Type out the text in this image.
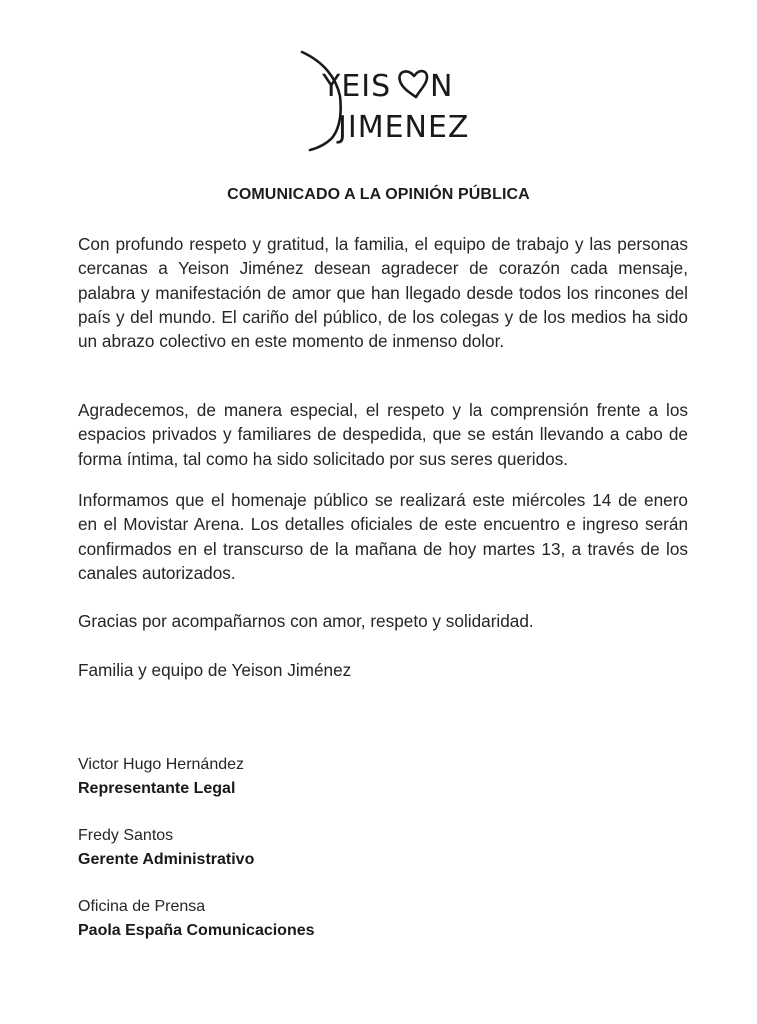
YEIS N
JIMENEZ
COMUNICADO A LA OPINIÓN PÚBLICA

Con profundo respeto y gratitud, la familia, el equipo de trabajo y las personas cercanas a Yeison Jiménez desean agradecer de corazón cada mensaje, palabra y manifestación de amor que han llegado desde todos los rincones del país y del mundo. El cariño del público, de los colegas y de los medios ha sido un abrazo colectivo en este momento de inmenso dolor.

Agradecemos, de manera especial, el respeto y la comprensión frente a los espacios privados y familiares de despedida, que se están llevando a cabo de forma íntima, tal como ha sido solicitado por sus seres queridos.

Informamos que el homenaje público se realizará este miércoles 14 de enero en el Movistar Arena. Los detalles oficiales de este encuentro e ingreso serán confirmados en el transcurso de la mañana de hoy martes 13, a través de los canales autorizados.

Gracias por acompañarnos con amor, respeto y solidaridad.

Familia y equipo de Yeison Jiménez

Victor Hugo Hernández
Representante Legal
Fredy Santos
Gerente Administrativo
Oficina de Prensa
Paola España Comunicaciones
